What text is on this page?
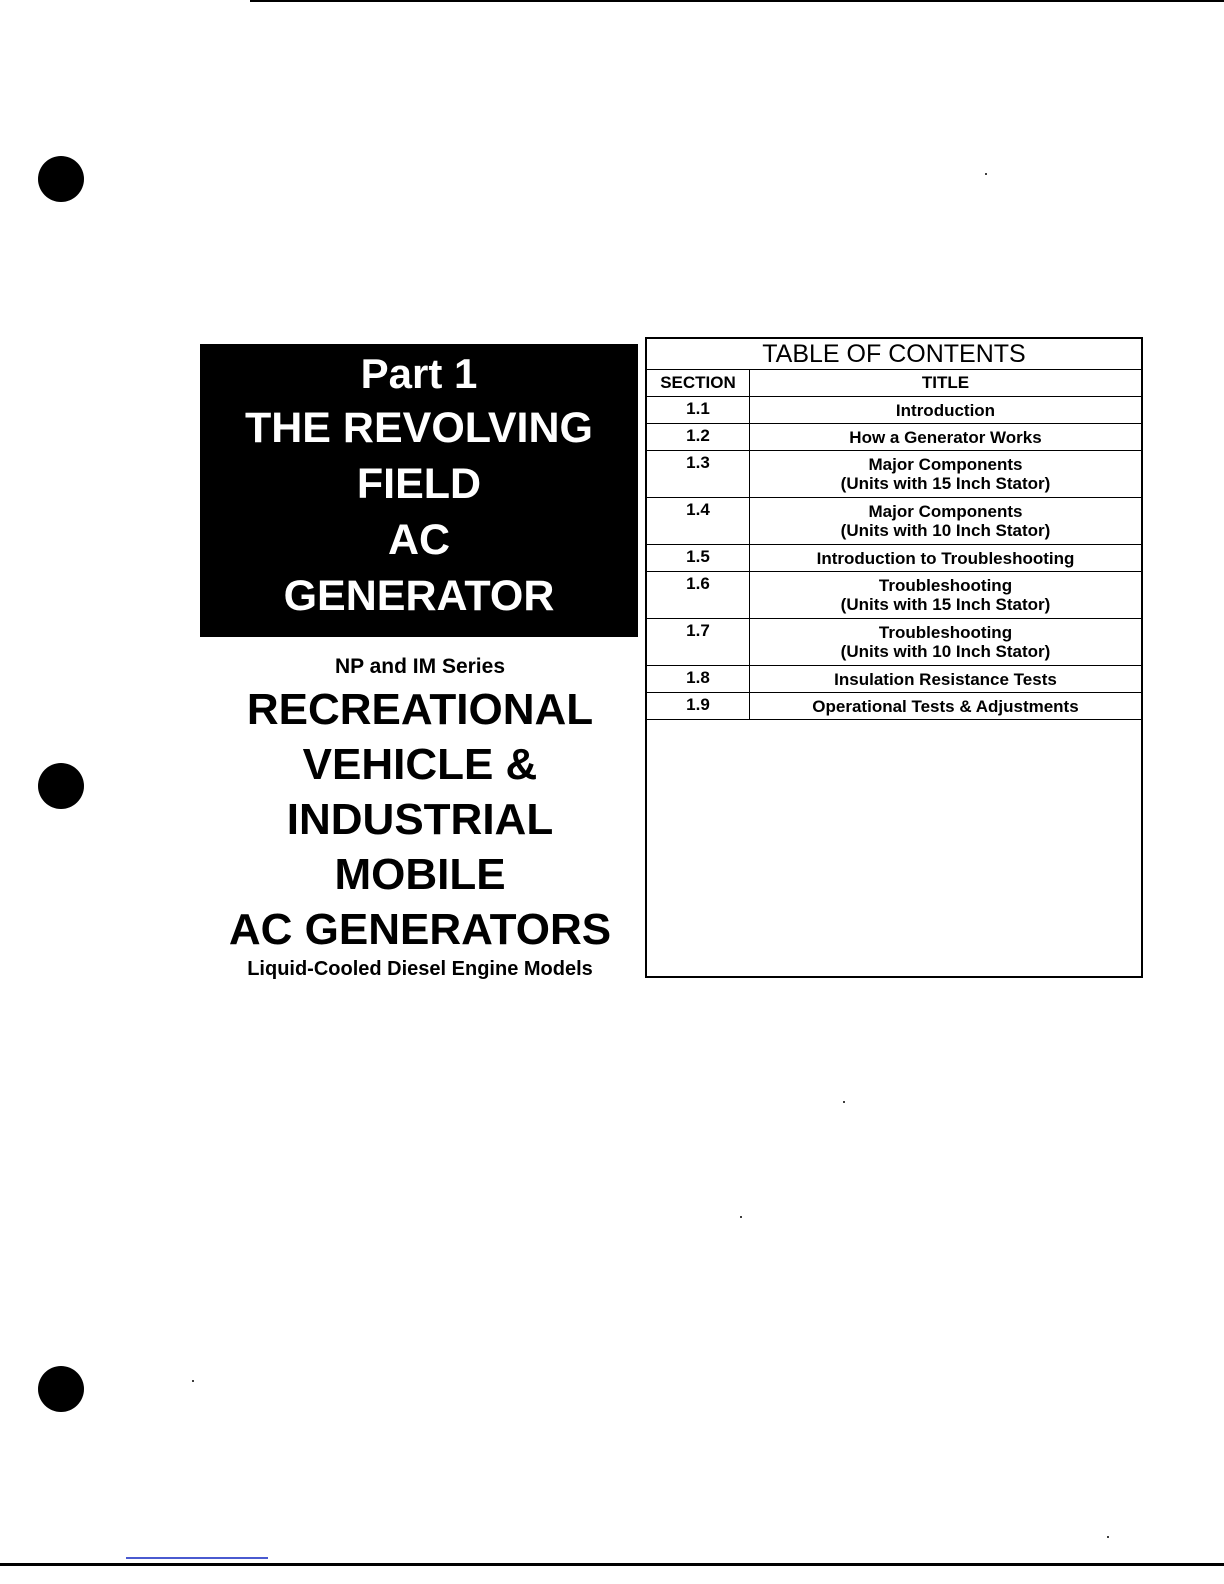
Part 1
THE REVOLVING
FIELD
AC
GENERATOR
NP and IM Series
RECREATIONAL
VEHICLE &
INDUSTRIAL
MOBILE
AC GENERATORS
Liquid-Cooled Diesel Engine Models
TABLE OF CONTENTS	
SECTION	TITLE
1.1	Introduction
1.2	How a Generator Works
1.3	Major Components
(Units with 15 Inch Stator)

1.4	Major Components
(Units with 10 Inch Stator)

1.5	Introduction to Troubleshooting
1.6	Troubleshooting
(Units with 15 Inch Stator)

1.7	Troubleshooting
(Units with 10 Inch Stator)

1.8	Insulation Resistance Tests
1.9	Operational Tests & Adjustments
